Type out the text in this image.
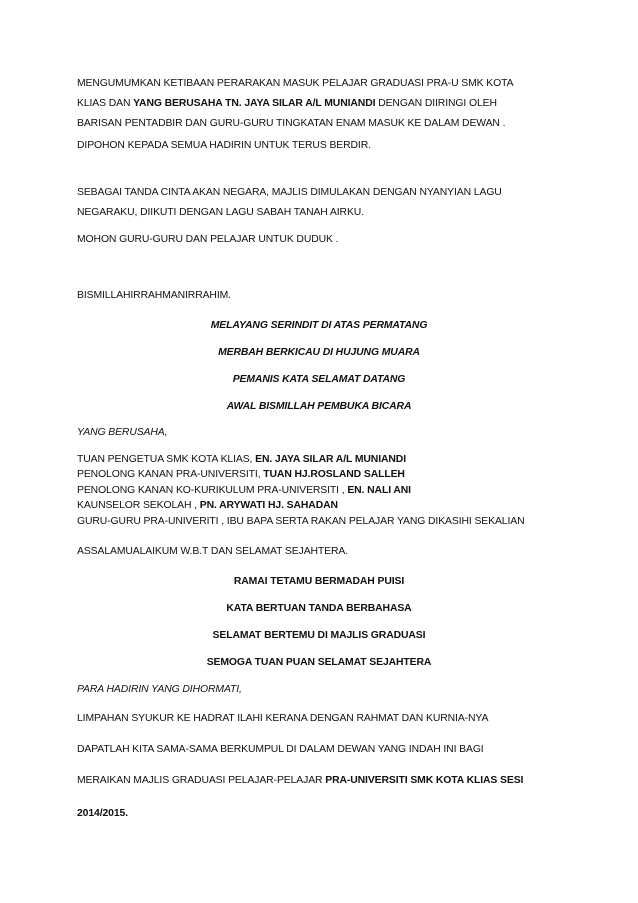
MENGUMUMKAN KETIBAAN PERARAKAN MASUK PELAJAR GRADUASI PRA-U SMK KOTA
KLIAS DAN YANG BERUSAHA TN. JAYA SILAR A/L MUNIANDI DENGAN DIIRINGI OLEH
BARISAN PENTADBIR DAN GURU-GURU TINGKATAN ENAM MASUK KE DALAM DEWAN .
DIPOHON KEPADA SEMUA HADIRIN UNTUK TERUS BERDIR.
SEBAGAI TANDA CINTA AKAN NEGARA, MAJLIS DIMULAKAN DENGAN NYANYIAN LAGU
NEGARAKU, DIIKUTI DENGAN LAGU SABAH TANAH AIRKU.
MOHON GURU-GURU DAN PELAJAR UNTUK DUDUK .
BISMILLAHIRRAHMANIRRAHIM.
MELAYANG SERINDIT DI ATAS PERMATANG
MERBAH BERKICAU DI HUJUNG MUARA
PEMANIS KATA SELAMAT DATANG
AWAL BISMILLAH PEMBUKA BICARA
YANG BERUSAHA,
TUAN PENGETUA SMK KOTA KLIAS, EN. JAYA SILAR A/L MUNIANDI
PENOLONG KANAN PRA-UNIVERSITI, TUAN HJ.ROSLAND SALLEH
PENOLONG KANAN KO-KURIKULUM PRA-UNIVERSITI , EN. NALI ANI
KAUNSELOR SEKOLAH , PN. ARYWATI HJ. SAHADAN
GURU-GURU PRA-UNIVERITI , IBU BAPA SERTA RAKAN PELAJAR YANG DIKASIHI SEKALIAN
ASSALAMUALAIKUM W.B.T DAN SELAMAT SEJAHTERA.
RAMAI TETAMU BERMADAH PUISI
KATA BERTUAN TANDA BERBAHASA
SELAMAT BERTEMU DI MAJLIS GRADUASI
SEMOGA TUAN PUAN SELAMAT SEJAHTERA
PARA HADIRIN YANG DIHORMATI,
LIMPAHAN SYUKUR KE HADRAT ILAHI KERANA DENGAN RAHMAT DAN KURNIA-NYA
DAPATLAH KITA SAMA-SAMA BERKUMPUL DI DALAM DEWAN YANG INDAH INI BAGI
MERAIKAN MAJLIS GRADUASI PELAJAR-PELAJAR PRA-UNIVERSITI SMK KOTA KLIAS SESI
2014/2015.
